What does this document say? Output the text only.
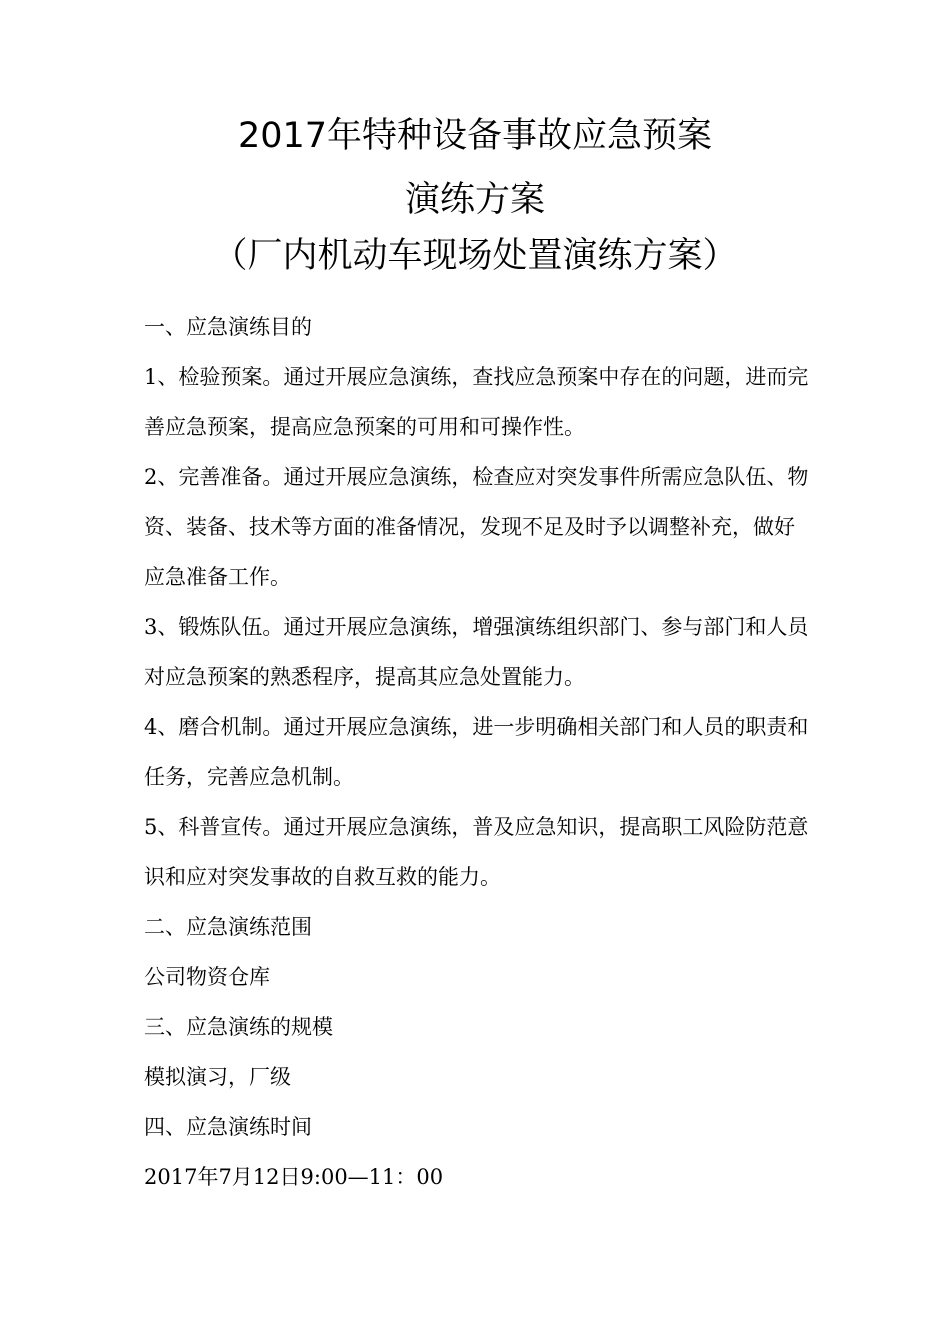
2017年特种设备事故应急预案
演练方案
（厂内机动车现场处置演练方案）

一、应急演练目的

1、检验预案。通过开展应急演练，查找应急预案中存在的问题，进而完善应急预案，提高应急预案的可用和可操作性。

2、完善准备。通过开展应急演练，检查应对突发事件所需应急队伍、物资、装备、技术等方面的准备情况，发现不足及时予以调整补充，做好应急准备工作。

3、锻炼队伍。通过开展应急演练，增强演练组织部门、参与部门和人员对应急预案的熟悉程序，提高其应急处置能力。

4、磨合机制。通过开展应急演练，进一步明确相关部门和人员的职责和任务，完善应急机制。

5、科普宣传。通过开展应急演练，普及应急知识，提高职工风险防范意识和应对突发事故的自救互救的能力。

二、应急演练范围

公司物资仓库

三、应急演练的规模

模拟演习，厂级

四、应急演练时间

2017年7月12日9:00—11：00
